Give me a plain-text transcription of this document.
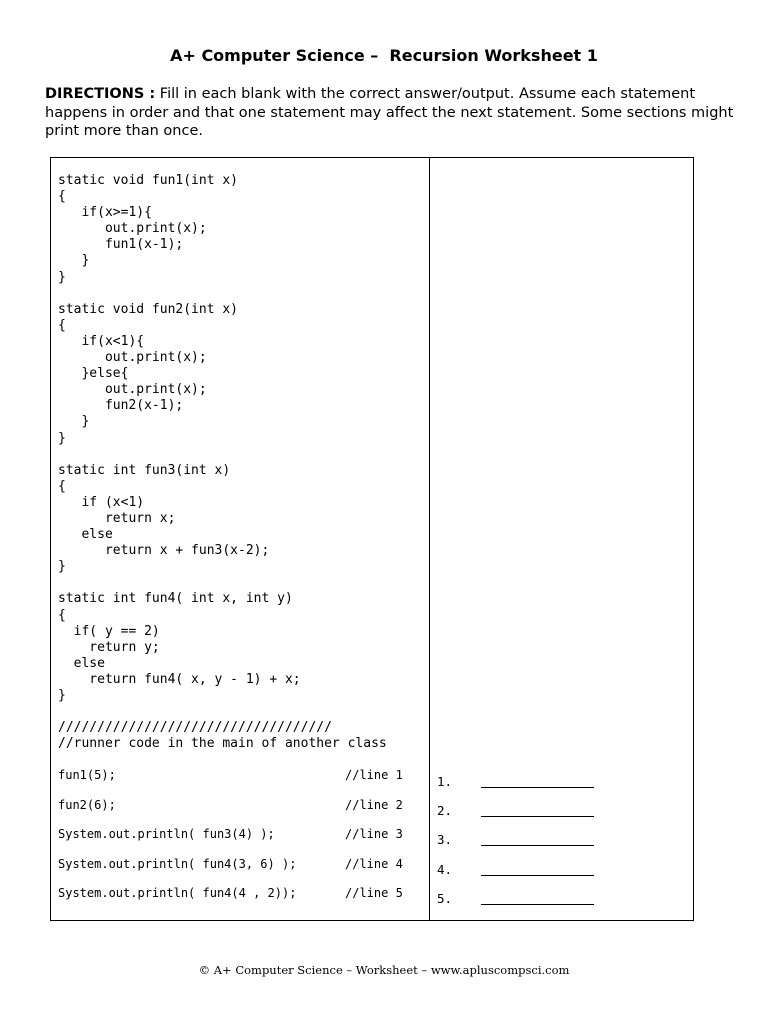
A+ Computer Science –  Recursion Worksheet 1
DIRECTIONS : Fill in each blank with the correct answer/output. Assume each statement happens in order and that one statement may affect the next statement. Some sections might print more than once.
static void fun1(int x)
{
if(x>=1){
out.print(x);
fun1(x-1);
}
}

static void fun2(int x)
{
if(x<1){
out.print(x);
}else{
out.print(x);
fun2(x-1);
}
}

static int fun3(int x)
{
if (x<1)
return x;
else
return x + fun3(x-2);
}

static int fun4( int x, int y)
{
if( y == 2)
return y;
else
return fun4( x, y - 1) + x;
}

///////////////////////////////////
//runner code in the main of another class
fun1(5);	//line 1
fun2(6);	//line 2
System.out.println( fun3(4) );	//line 3
System.out.println( fun4(3, 6) );	//line 4
System.out.println( fun4(4 , 2));	//line 5
1.
2.
3.
4.
5.
© A+ Computer Science – Worksheet – www.apluscompsci.com
